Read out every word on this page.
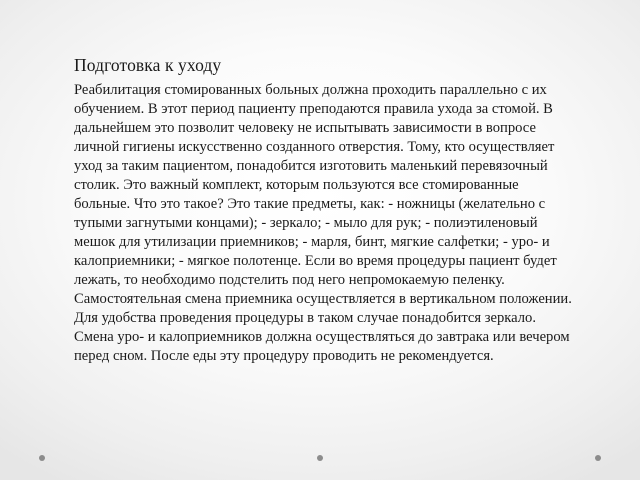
Подготовка к уходу

Реабилитация стомированных больных должна проходить параллельно с их обучением. В этот период пациенту преподаются правила ухода за стомой. В дальнейшем это позволит человеку не испытывать зависимости в вопросе личной гигиены искусственно созданного отверстия. Тому, кто осуществляет уход за таким пациентом, понадобится изготовить маленький перевязочный столик. Это важный комплект, которым пользуются все стомированные больные. Что это такое? Это такие предметы, как: - ножницы (желательно с тупыми загнутыми концами); - зеркало; - мыло для рук; - полиэтиленовый мешок для утилизации приемников; - марля, бинт, мягкие салфетки; - уро- и калоприемники; - мягкое полотенце. Если во время процедуры пациент будет лежать, то необходимо подстелить под него непромокаемую пеленку. Самостоятельная смена приемника осуществляется в вертикальном положении. Для удобства проведения процедуры в таком случае понадобится зеркало. Смена уро- и калоприемников должна осуществляться до завтрака или вечером перед сном. После еды эту процедуру проводить не рекомендуется.
